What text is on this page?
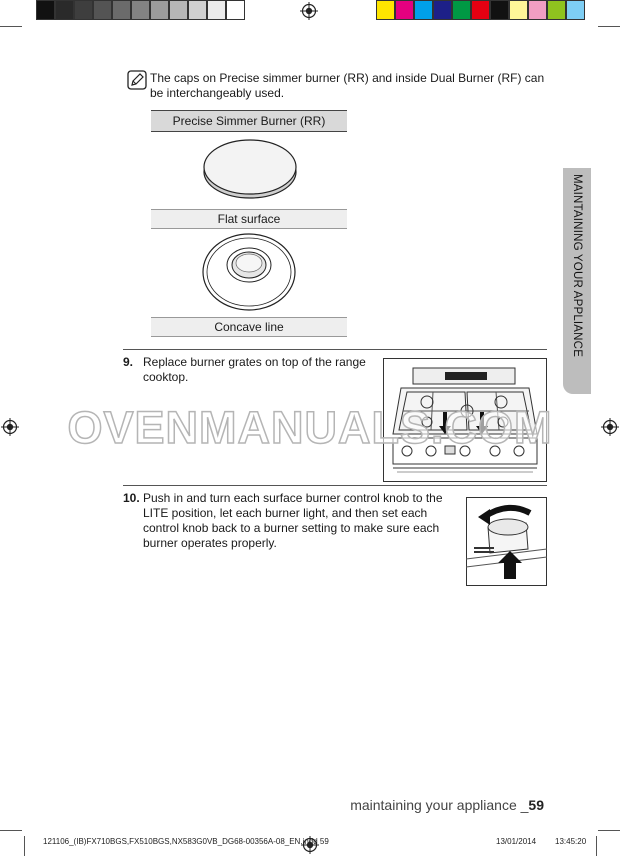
The caps on Precise simmer burner (RR) and inside Dual Burner (RF) can be interchangeably used.
Precise Simmer Burner (RR)
Flat surface
Concave line	MAINTAINING YOUR APPLIANCE
9. Replace burner grates on top of the range cooktop.
10. Push in and turn each surface burner control knob to the LITE position, let each burner light, and then set each control knob back to a burner setting to make sure each burner operates properly.
OVENMANUALS.COM
maintaining your appliance _59
121106_(IB)FX710BGS,FX510BGS,NX583G0VB_DG68-00356A-08_EN.indd 59	13/01/2014 13:45:20
